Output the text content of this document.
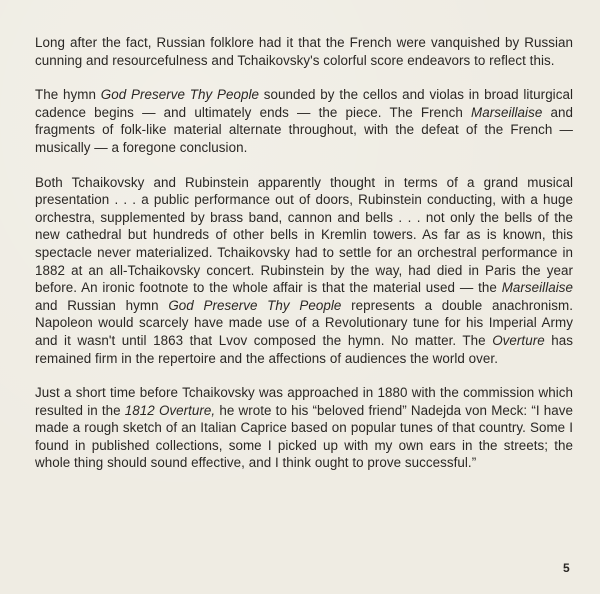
Long after the fact, Russian folklore had it that the French were vanquished by Russian cunning and resourcefulness and Tchaikovsky's colorful score endeavors to reflect this.

The hymn God Preserve Thy People sounded by the cellos and violas in broad liturgical cadence begins — and ultimately ends — the piece. The French Marseillaise and fragments of folk-like material alternate throughout, with the defeat of the French — musically — a foregone conclusion.

Both Tchaikovsky and Rubinstein apparently thought in terms of a grand musical presentation . . . a public performance out of doors, Rubinstein conducting, with a huge orchestra, supplemented by brass band, cannon and bells . . . not only the bells of the new cathedral but hundreds of other bells in Kremlin towers. As far as is known, this spectacle never materialized. Tchaikovsky had to settle for an orchestral performance in 1882 at an all-Tchaikovsky concert. Rubinstein by the way, had died in Paris the year before. An ironic footnote to the whole affair is that the material used — the Marseillaise and Russian hymn God Preserve Thy People represents a double anachronism. Napoleon would scarcely have made use of a Revolutionary tune for his Imperial Army and it wasn't until 1863 that Lvov composed the hymn. No matter. The Overture has remained firm in the repertoire and the affections of audiences the world over.

Just a short time before Tchaikovsky was approached in 1880 with the commission which resulted in the 1812 Overture, he wrote to his “beloved friend” Nadejda von Meck: “I have made a rough sketch of an Italian Caprice based on popular tunes of that country. Some I found in published collections, some I picked up with my own ears in the streets; the whole thing should sound effective, and I think ought to prove successful.”

5
